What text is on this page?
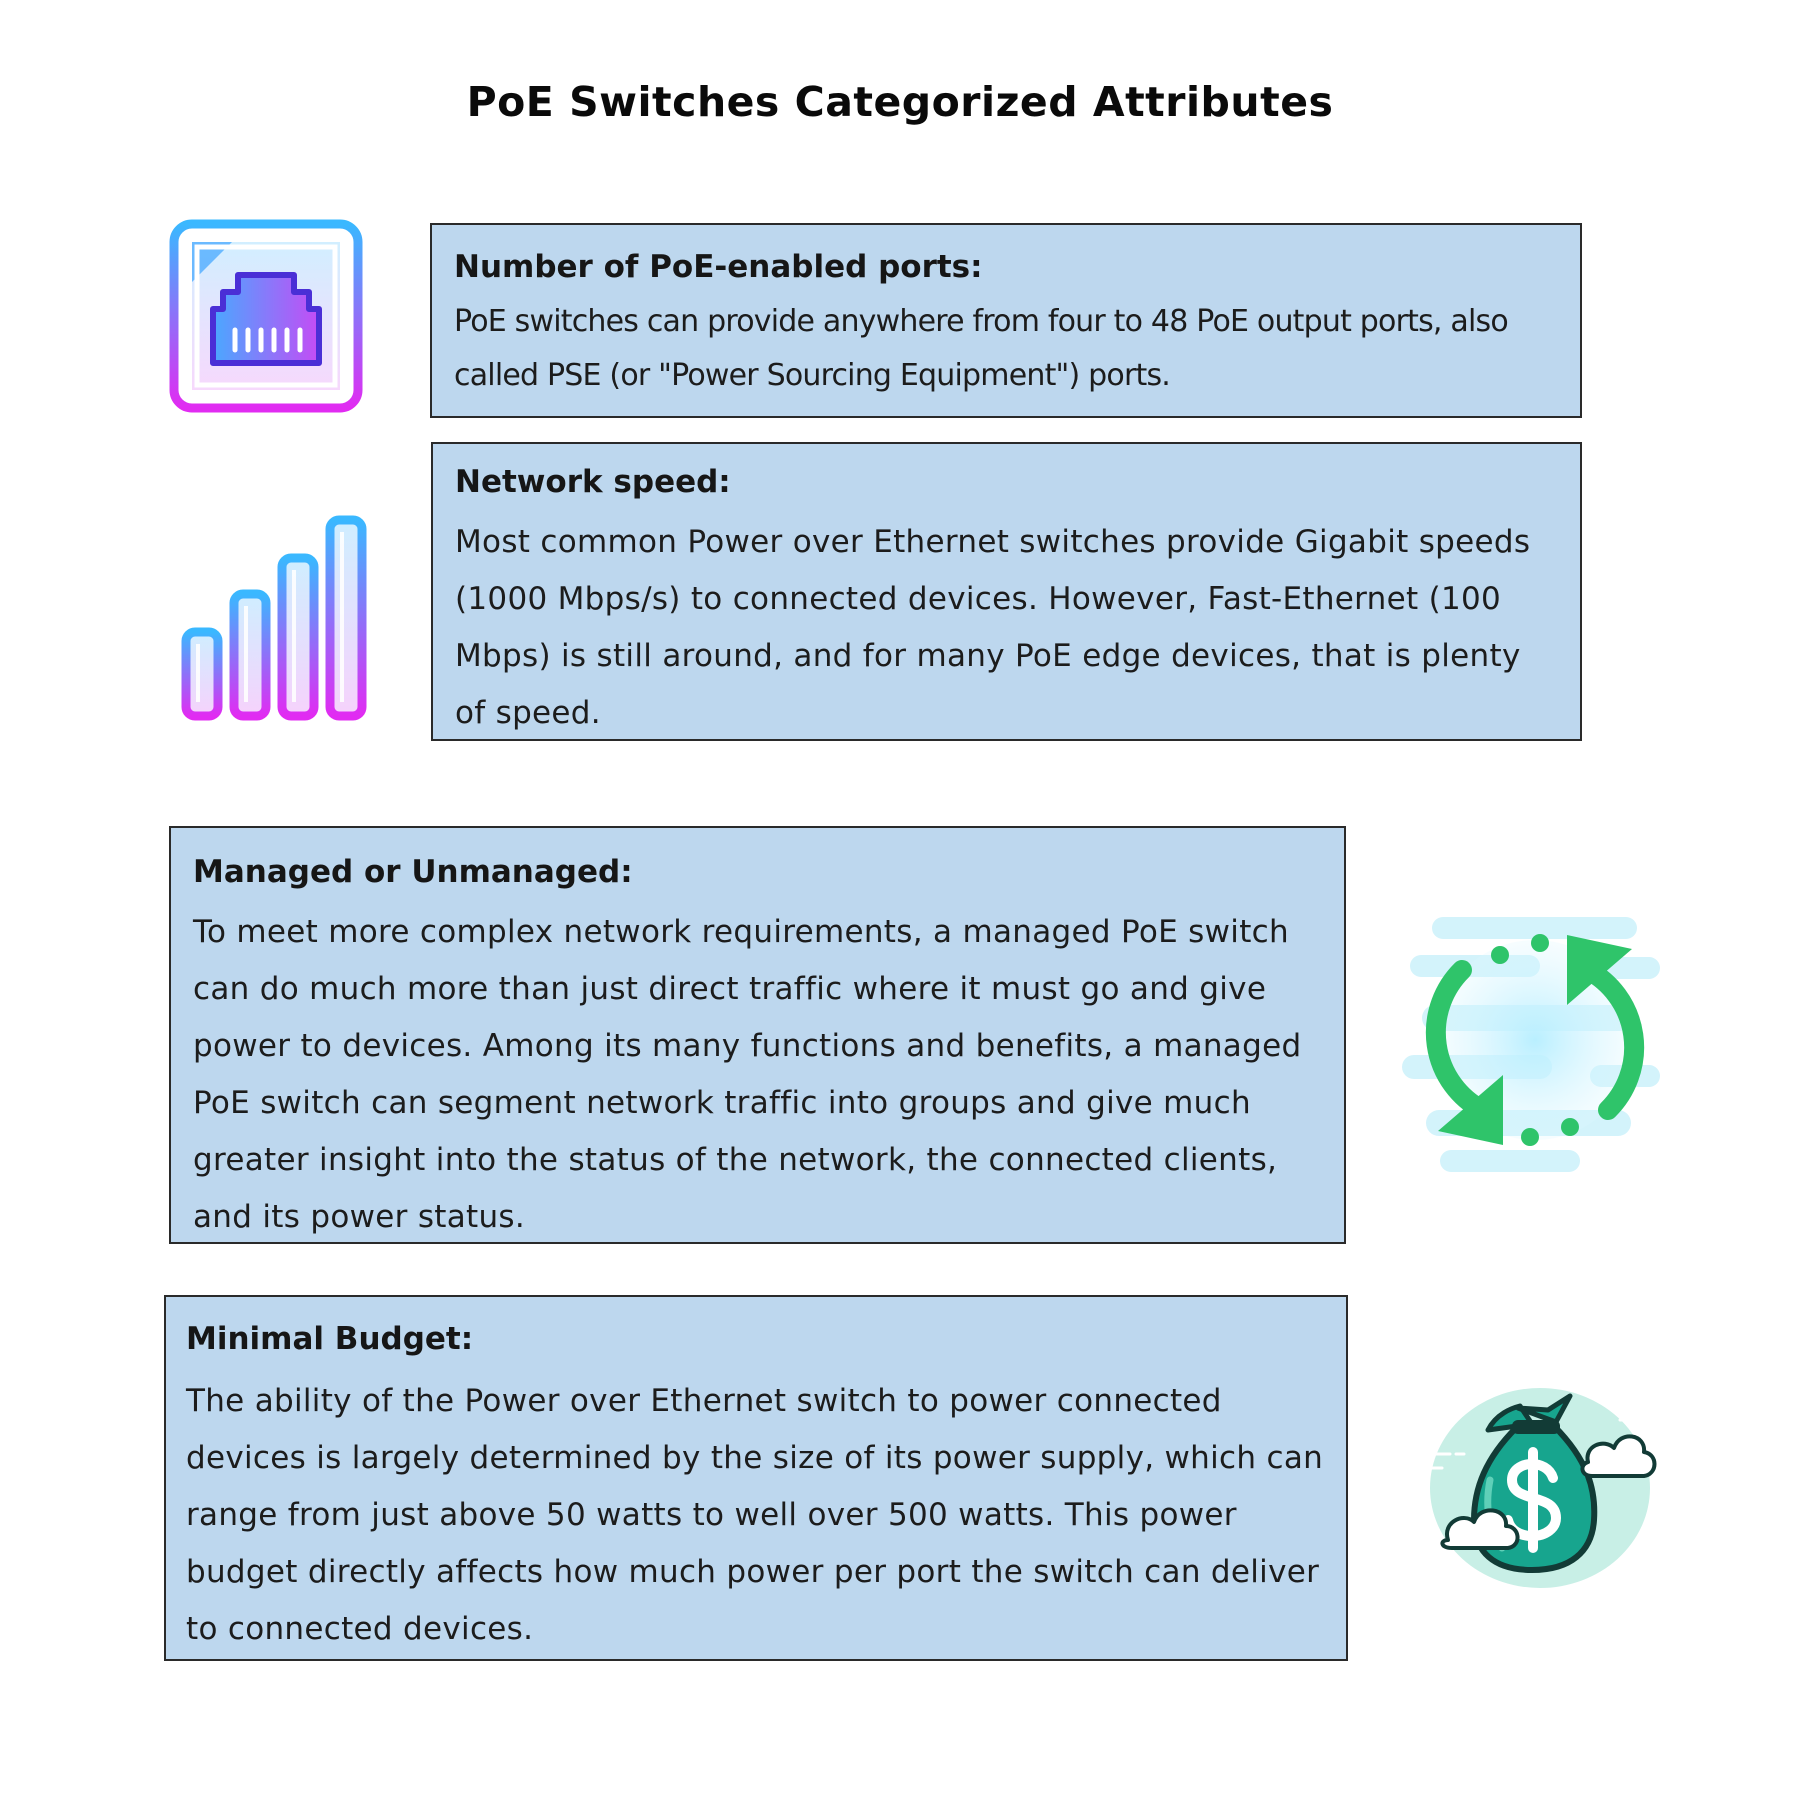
PoE Switches Categorized Attributes
Number of PoE-enabled ports:

PoE switches can provide anywhere from four to 48 PoE output ports, also called PSE (or "Power Sourcing Equipment") ports.

Network speed:

Most common Power over Ethernet switches provide Gigabit speeds (1000 Mbps/s) to connected devices. However, Fast-Ethernet (100 Mbps) is still around, and for many PoE edge devices, that is plenty of speed.

Managed or Unmanaged:

To meet more complex network requirements, a managed PoE switch can do much more than just direct traffic where it must go and give power to devices. Among its many functions and benefits, a managed PoE switch can segment network traffic into groups and give much greater insight into the status of the network, the connected clients, and its power status.

Minimal Budget:

The ability of the Power over Ethernet switch to power connected devices is largely determined by the size of its power supply, which can range from just above 50 watts to well over 500 watts. This power budget directly affects how much power per port the switch can deliver to connected devices.
